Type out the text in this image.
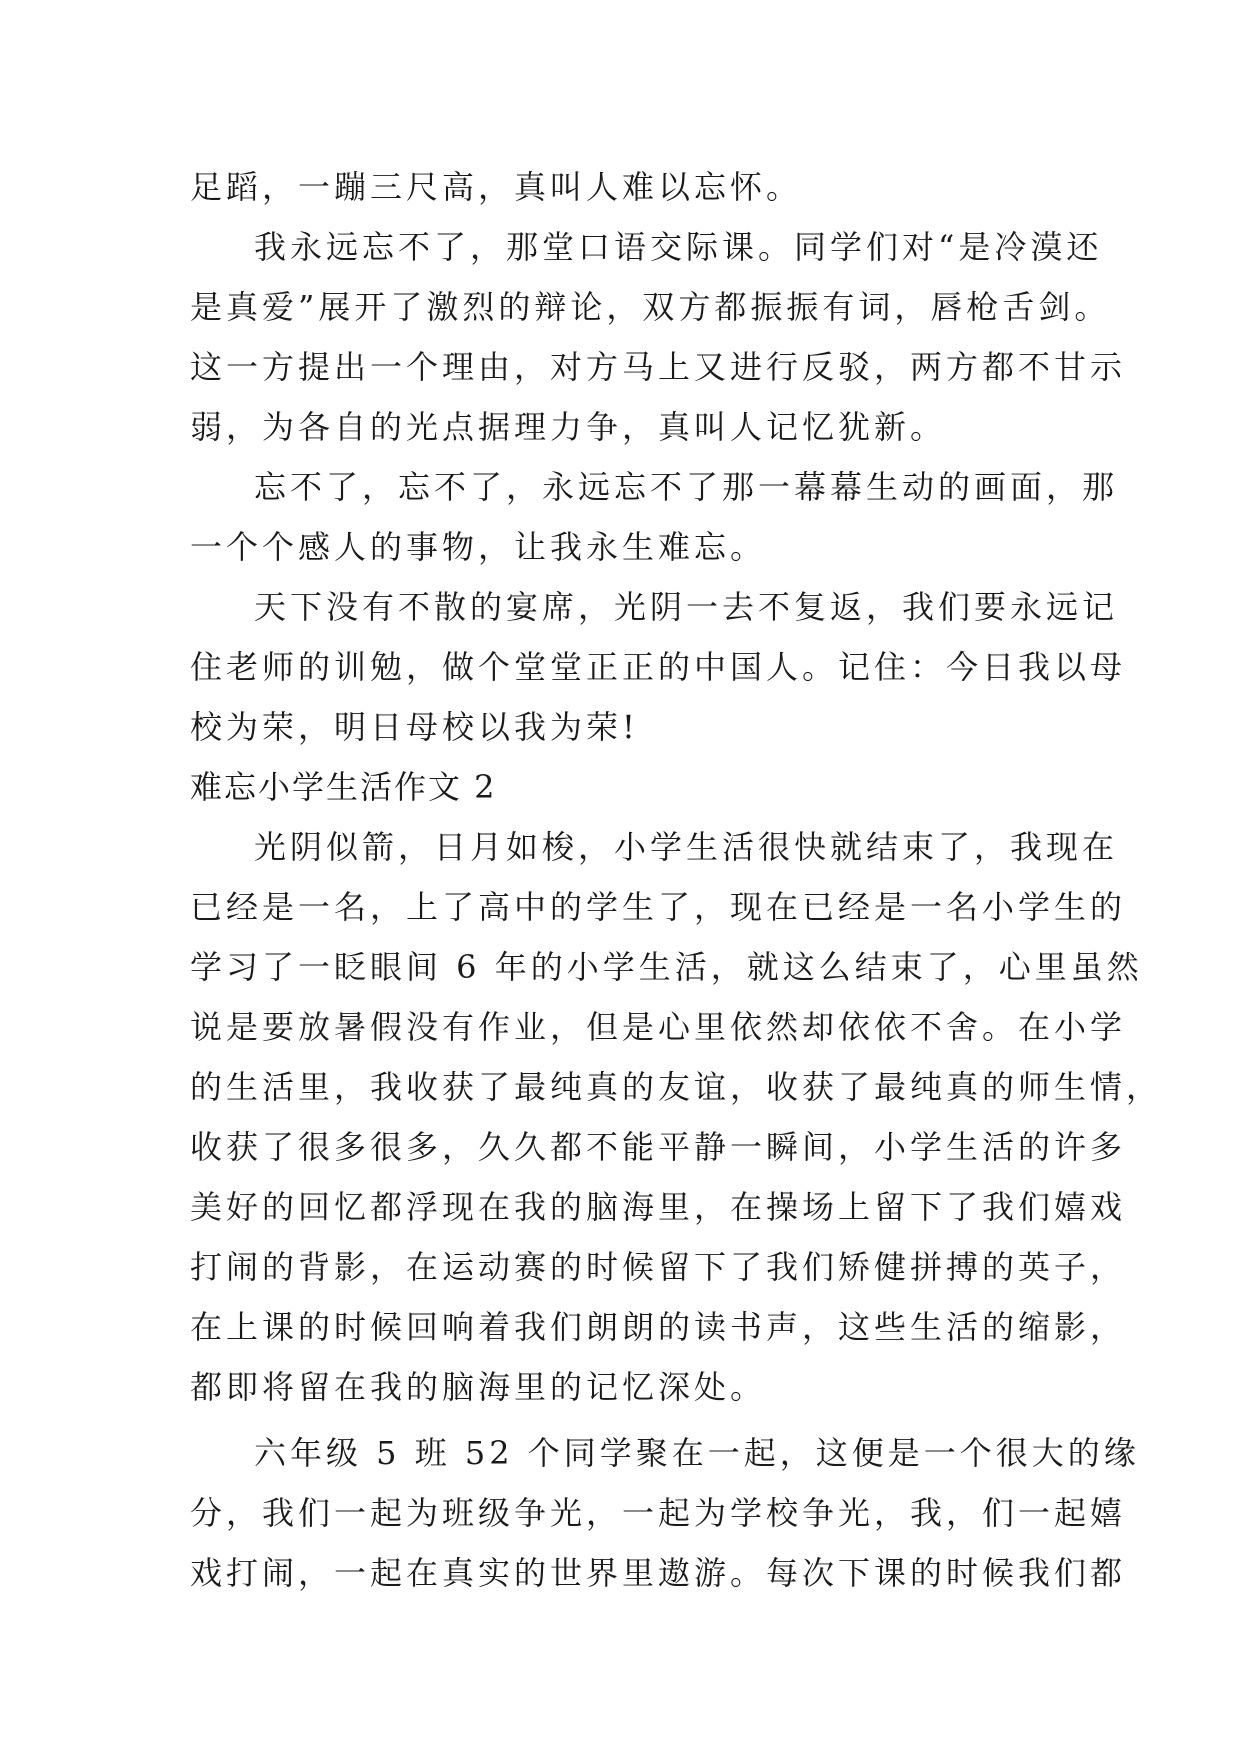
足蹈，一蹦三尺高，真叫人难以忘怀。
我永远忘不了，那堂口语交际课。同学们对“是冷漠还
是真爱”展开了激烈的辩论，双方都振振有词，唇枪舌剑。
这一方提出一个理由，对方马上又进行反驳，两方都不甘示
弱，为各自的光点据理力争，真叫人记忆犹新。
忘不了，忘不了，永远忘不了那一幕幕生动的画面，那
一个个感人的事物，让我永生难忘。
天下没有不散的宴席，光阴一去不复返，我们要永远记
住老师的训勉，做个堂堂正正的中国人。记住：今日我以母
校为荣，明日母校以我为荣!
难忘小学生活作文 2
光阴似箭，日月如梭，小学生活很快就结束了，我现在
已经是一名，上了高中的学生了，现在已经是一名小学生的
学习了一眨眼间 6 年的小学生活，就这么结束了，心里虽然
说是要放暑假没有作业，但是心里依然却依依不舍。在小学
的生活里，我收获了最纯真的友谊，收获了最纯真的师生情，
收获了很多很多，久久都不能平静一瞬间，小学生活的许多
美好的回忆都浮现在我的脑海里，在操场上留下了我们嬉戏
打闹的背影，在运动赛的时候留下了我们矫健拼搏的英子，
在上课的时候回响着我们朗朗的读书声，这些生活的缩影，
都即将留在我的脑海里的记忆深处。
六年级 5 班 52 个同学聚在一起，这便是一个很大的缘
分，我们一起为班级争光，一起为学校争光，我，们一起嬉
戏打闹，一起在真实的世界里遨游。每次下课的时候我们都
